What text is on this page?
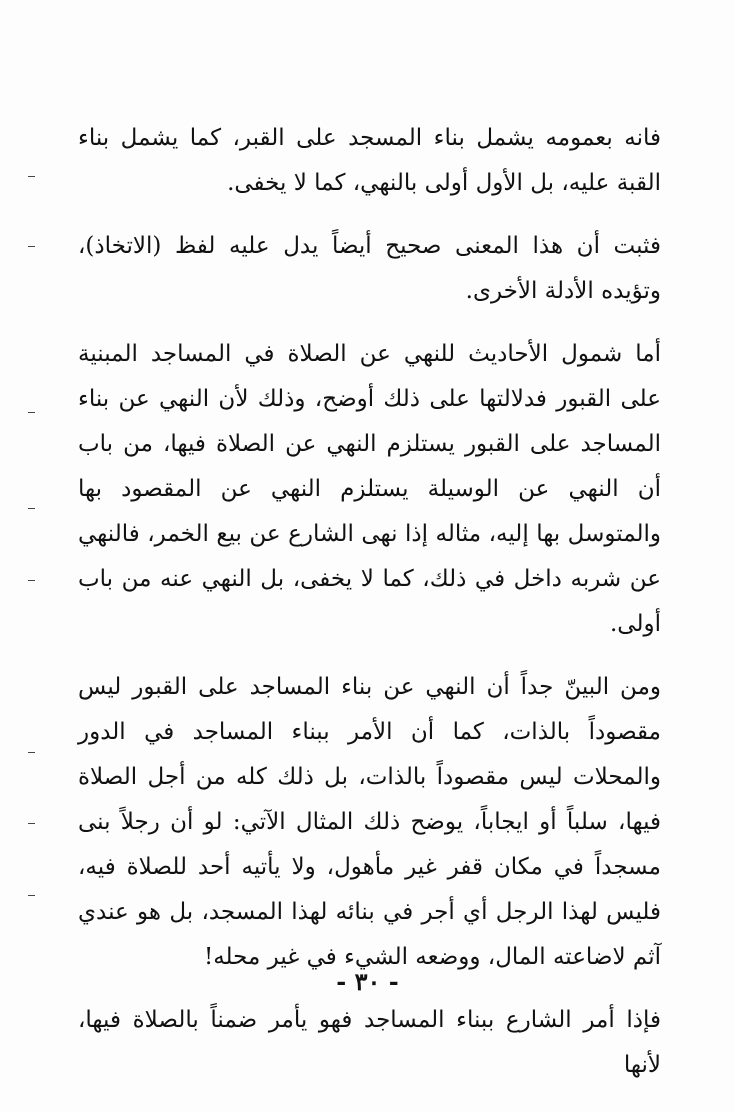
فانه بعمومه يشمل بناء المسجد على القبر، كما يشمل بناء القبة عليه، بل الأول أولى بالنهي، كما لا يخفى.

فثبت أن هذا المعنى صحيح أيضاً يدل عليه لفظ (الاتخاذ)، وتؤيده الأدلة الأخرى.

أما شمول الأحاديث للنهي عن الصلاة في المساجد المبنية على القبور فدلالتها على ذلك أوضح، وذلك لأن النهي عن بناء المساجد على القبور يستلزم النهي عن الصلاة فيها، من باب أن النهي عن الوسيلة يستلزم النهي عن المقصود بها والمتوسل بها إليه، مثاله إذا نهى الشارع عن بيع الخمر، فالنهي عن شربه داخل في ذلك، كما لا يخفى، بل النهي عنه من باب أولى.

ومن البينّ جداً أن النهي عن بناء المساجد على القبور ليس مقصوداً بالذات، كما أن الأمر ببناء المساجد في الدور والمحلات ليس مقصوداً بالذات، بل ذلك كله من أجل الصلاة فيها، سلباً أو ايجاباً، يوضح ذلك المثال الآتي: لو أن رجلاً بنى مسجداً في مكان قفر غير مأهول، ولا يأتيه أحد للصلاة فيه، فليس لهذا الرجل أي أجر في بنائه لهذا المسجد، بل هو عندي آثم لاضاعته المال، ووضعه الشيء في غير محله!

فإذا أمر الشارع ببناء المساجد فهو يأمر ضمناً بالصلاة فيها، لأنها

- ٣٠ -
